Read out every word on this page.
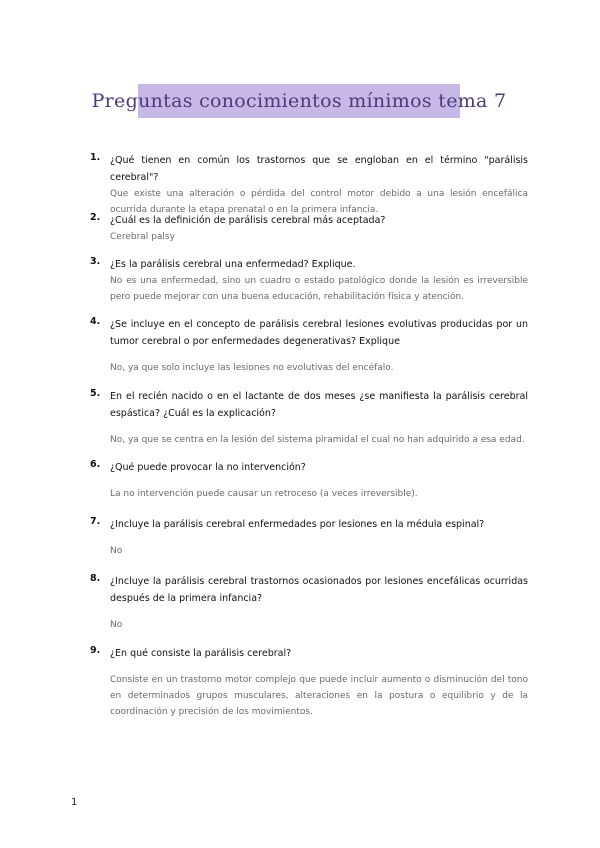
Preguntas conocimientos mínimos tema 7
1. ¿Qué tienen en común los trastornos que se engloban en el término "parálisis cerebral"?
Que existe una alteración o pérdida del control motor debido a una lesión encefálica ocurrida durante la etapa prenatal o en la primera infancia.
2. ¿Cuál es la definición de parálisis cerebral más aceptada?
Cerebral palsy
3. ¿Es la parálisis cerebral una enfermedad? Explique.
No es una enfermedad, sino un cuadro o estado patológico donde la lesión es irreversible pero puede mejorar con una buena educación, rehabilitación física y atención.
4. ¿Se incluye en el concepto de parálisis cerebral lesiones evolutivas producidas por un tumor cerebral o por enfermedades degenerativas? Explique
No, ya que solo incluye las lesiones no evolutivas del encéfalo.
5. En el recién nacido o en el lactante de dos meses ¿se manifiesta la parálisis cerebral espástica? ¿Cuál es la explicación?
No, ya que se centra en la lesión del sistema piramidal el cual no han adquirido a esa edad.
6. ¿Qué puede provocar la no intervención?
La no intervención puede causar un retroceso (a veces irreversible).
7. ¿Incluye la parálisis cerebral enfermedades por lesiones en la médula espinal?
No
8. ¿Incluye la parálisis cerebral trastornos ocasionados por lesiones encefálicas ocurridas después de la primera infancia?
No
9. ¿En qué consiste la parálisis cerebral?
Consiste en un trastorno motor complejo que puede incluir aumento o disminución del tono en determinados grupos musculares, alteraciones en la postura o equilibrio y de la coordinación y precisión de los movimientos.
1
